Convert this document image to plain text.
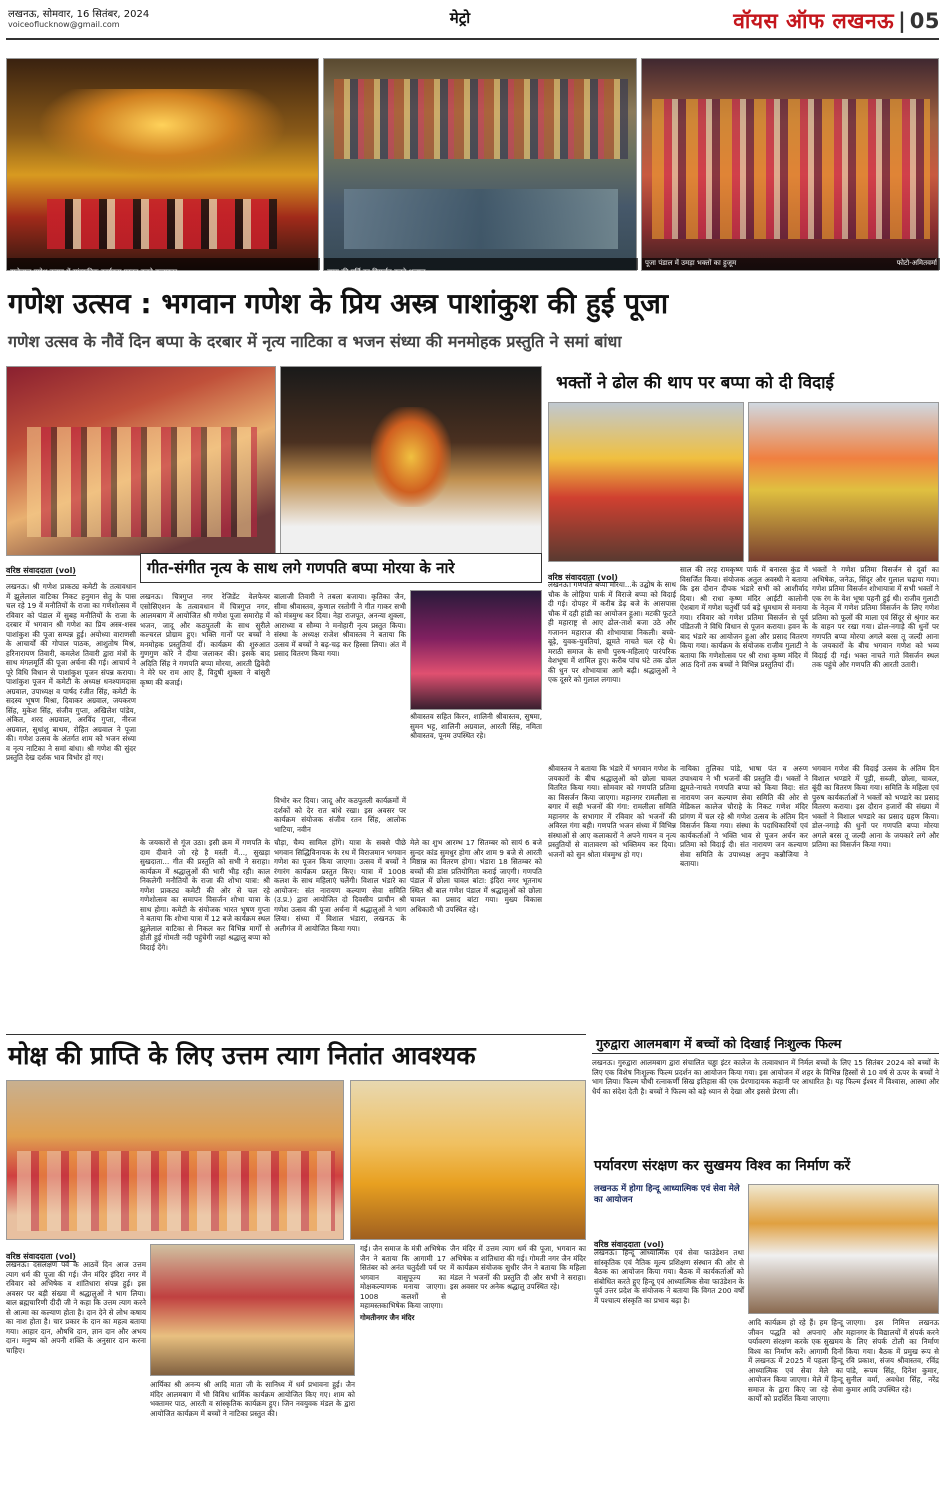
लखनऊ, सोमवार, 16 सितंबर, 2024
voiceoflucknow@gmail.com	मेट्रो	वॉयस ऑफ लखनऊ | 05
झूलेलाल गणेश उत्सव में सांस्कृतिक कार्यक्रम प्रस्तुत करते कलाकार	बप्पा की मूर्ति का विसर्जन करते श्रद्धालु
पूजा पंडाल में उमड़ा भक्तों का हुजूम	फोटो-अमितवर्मा
गणेश उत्सव : भगवान गणेश के प्रिय अस्त्र पाशांकुश की हुई पूजा
गणेश उत्सव के नौवें दिन बप्पा के दरबार में नृत्य नाटिका व भजन संध्या की मनमोहक प्रस्तुति ने समां बांधा
वरिष्ठ संवाददाता (vol)	गीत-संगीत नृत्य के साथ लगे गणपति बप्पा मोरया के नारे

लखनऊ। श्री गणेश प्राकट्य कमेटी के तत्वावधान में झूलेलाल वाटिका निकट हनुमान सेतु के पास चल रहे 19 वें मनौतियों के राजा का गणेशोत्सव में रविवार को पंडाल में सुबह मनौतियों के राजा के दरबार में भगवान श्री गणेश का प्रिय अस्त्र-शस्त्र पाशांकुश की पूजा सम्पन्न हुई। अयोध्या वाराणसी के आचार्यों की गोपाल पाठक, आशुतोष मिश्र, हरिनारायण तिवारी, कमलेश तिवारी द्वारा मंत्रों के साथ मंगलमूर्ति की पूजा अर्चना की गई। आचार्य ने पूरे विधि विधान से पाशांकुश पूजन संपन्न कराया। पाशांकुश पूजन में कमेटी के अध्यक्ष धनश्यामदास अग्रवाल, उपाध्यक्ष व पार्षद रंजीत सिंह, कमेटी के सदस्य भूषण मिश्रा, दिवाकर अग्रवाल, जयकरण सिंह, मुकेश सिंह, संजीव गुप्ता, अखिलेश पांडेय, अंकित, शरद अग्रवाल, अरविंद गुप्ता, नीरज अग्रवाल, सुधांशु बाथम, रोहित अग्रवाल ने पूजा की। गणेश उत्सव के अंतर्गत शाम को भजन संध्या व नृत्य नाटिका ने समां बांधा। श्री गणेश की सुंदर प्रस्तुति देख दर्शक भाव विभोर हो गए।

लखनऊ। चित्रगुप्त नगर रेजिडेंट वेलफेयर एसोसिएशन के तत्वावधान में चित्रगुप्त नगर, आलमबाग में आयोजित श्री गणेश पूजा समारोह में भजन, जादू और कठपुतली के साथ सुरीले कल्चरल प्रोग्राम हुए। भक्ति गानों पर बच्चों ने मनमोहक प्रस्तुतियां दीं। कार्यक्रम की शुरुआत गुणगुण कोरे ने दीया जलाकर की। इसके बाद अदिति सिंह ने गणपति बप्पा मोरया, आरती द्विवेदी ने मेरे घर राम आए हैं, विदुषी शुक्ला ने बांसुरी कृष्ण की बजाई।

बालाजी तिवारी ने तबला बजाया। कृतिका जैन, सीमा श्रीवास्तव, कुणाल रस्तोगी ने गीत गाकर सभी को मंत्रमुग्ध कर दिया। नेहा राजपूत, अनन्या शुक्ला, आराध्या व सौम्या ने मनोहारी नृत्य प्रस्तुत किया। संस्था के अध्यक्ष राजेश श्रीवास्तव ने बताया कि उत्सव में बच्चों ने बढ़-चढ़ कर हिस्सा लिया। अंत में प्रसाद वितरण किया गया।

विभोर कर दिया। जादू और कठपुतली कार्यक्रमों में दर्शकों को देर रात बांधे रखा। इस अवसर पर कार्यक्रम संयोजक संजीव रतन सिंह, आलोक भाटिया, नवीन

श्रीवास्तव सहित किरन, शालिनी श्रीवास्तव, सुषमा, सुमन भट्ट, शालिनी अग्रवाल, आरती सिंह, नमिता श्रीवास्तव, पूनम उपस्थित रहे।

के जयकारों से गूंज उठा। इसी क्रम में गणपति के दाम दीवाने जो रहे है मस्ती में..., सुखड़ा सुखदाता... गीत की प्रस्तुति को सभी ने सराहा। कार्यक्रम में श्रद्धालुओं की भारी भीड़ रही। काल निकलेगी मनौतियों के राजा की शोभा यात्रा: श्री गणेश प्राकट्य कमेटी की ओर से चल रहे गणेशोत्सव का समापन विसर्जन शोभा यात्रा के साथ होगा। कमेटी के संयोजक भारत भूषण गुप्ता ने बताया कि शोभा यात्रा में 12 बजे कार्यक्रम स्थल झूलेलाल वाटिका से निकल कर विभिन्न मार्गों से होती हुई गोमती नदी पहुंचेगी जहां श्रद्धालु बप्पा को विदाई देंगे।

चौड़ा, चैम्प सामिल होंगे। यात्रा के सबसे पीछे भगवान सिद्धिविनायक के रथ में विराजमान भगवान गणेश का पूजन किया जाएगा। उत्सव में बच्चों ने रंगारंग कार्यक्रम प्रस्तुत किए। यात्रा में 1008 कलश के साथ महिलाएं चलेंगी। विशाल भंडारे का आयोजन: संत नारायण कल्याण सेवा समिति (उ.प्र.) द्वारा आयोजित दो दिवसीय प्राचीन श्री गणेश उत्सव की पूजा अर्चना में श्रद्धालुओं ने भाग लिया। संध्या में विशाल भंडारा, लखनऊ के अलीगंज में आयोजित किया गया।

मेले का शुभ आरम्भ 17 सितम्बर को सायं 6 बजे सुन्दर कांड सुमधुर होगा और शाम 9 बजे से आरती मिष्ठान्न का वितरण होगा। भंडारा 18 सितम्बर को बच्चों की डांस प्रतियोगिता कराई जाएगी। गणपति पंडाल में छोला चावल बांटा: इंदिरा नगर भूतनाथ स्थित श्री बाल गणेश पंडाल में श्रद्धालुओं को छोला चावल का प्रसाद बांटा गया। मुख्य विकास अधिकारी भी उपस्थित रहे।

भक्तों ने ढोल की थाप पर बप्पा को दी विदाई
वरिष्ठ संवाददाता (vol)

लखनऊ। गणपति बप्पा मोरया...के उद्घोष के साथ चौक के लोहिया पार्क में विराजे बप्पा को विदाई दी गई। दोपहर में करीब डेढ़ बजे के आसपास चौक में दही हांडी का आयोजन हुआ। मटकी फूटते ही महाराष्ट्र से आए ढोल-ताशे बजा उठे और गजानन महाराज की शोभायात्रा निकली। बच्चे-बूढ़े, युवक-युवतियां, झूमते नाचते चल रहे थे। मराठी समाज के सभी पुरुष-महिलाएं पारंपरिक वेशभूषा में शामिल हुए। करीब पांच घंटे तक ढोल की धुन पर शोभायात्रा आगे बढ़ी। श्रद्धालुओं ने एक दूसरे को गुलाल लगाया।

साल की तरह रामकृष्ण पार्क में बनारस कुंड में विसर्जित किया। संयोजक अतुल अवस्थी ने बताया कि इस दौरान दीपक भंडारे सभी को आशीर्वाद दिया। श्री राधा कृष्ण मंदिर आईटी कालोनी ऐशबाग में गणेश चतुर्थी पर्व बड़े धूमधाम से मनाया गया। रविवार को गणेश प्रतिमा विसर्जन से पूर्व पंडितजी ने विधि विधान से पूजन कराया। हवन के बाद भंडारे का आयोजन हुआ और प्रसाद वितरण किया गया। कार्यक्रम के संयोजक राजीव गुलाटी ने बताया कि गणेशोत्सव पर श्री राधा कृष्ण मंदिर में आठ दिनों तक बच्चों ने विभिन्न प्रस्तुतियां दीं।

भक्तों ने गणेश प्रतिमा विसर्जन से दूर्वा का अभिषेक, जनेऊ, सिंदूर और गुलाल चढ़ाया गया। गणेश प्रतिमा विसर्जन शोभायात्रा में सभी भक्तों ने एक रंग के वेश भूषा पहनी हुई थी। राजीव गुलाटी के नेतृत्व में गणेश प्रतिमा विसर्जन के लिए गणेश प्रतिमा को फूलों की माला एवं सिंदूर से श्रृंगार कर के वाहन पर रखा गया। ढोल-नगाड़े की धुनों पर गणपति बप्पा मोरया अगले बरस तू जल्दी आना के जयकारों के बीच भगवान गणेश को भव्य विदाई दी गई। भक्त नाचते गाते विसर्जन स्थल तक पहुंचे और गणपति की आरती उतारी।

श्रीवास्तव ने बताया कि भंडारे में भगवान गणेश के जयकारों के बीच श्रद्धालुओं को छोला चावल वितरित किया गया। सोमवार को गणपति प्रतिमा का विसर्जन किया जाएगा। महानगर रामलीला स बगार में सही भजनों की गंगा: रामलीला समिति महानगर के सभागार में रविवार को भजनों की अविरल गंगा बही। गणपति भजन संध्या में विभिन्न संस्थाओं से आए कलाकारों ने अपने गायन व नृत्य प्रस्तुतियों से वातावरण को भक्तिमय कर दिया। भजनों को सुन श्रोता मंत्रमुग्ध हो गए।

नायिका तुलिका पांडे, भाषा पंत व अरुण उपाध्याय ने भी भजनों की प्रस्तुति दी। भक्तों ने झूमते-नाचते गणपति बप्पा को किया विदा: संत नारायण जन कल्याण सेवा समिति की ओर से मेडिकल कालेज चौराहे के निकट गणेश मंदिर प्रांगण में चल रहे श्री गणेश उत्सव के अंतिम दिन विसर्जन किया गया। संस्था के पदाधिकारियों एवं कार्यकर्ताओं ने भक्ति भाव से पूजन अर्चन कर प्रतिमा को विदाई दी। संत नारायण जन कल्याण सेवा समिति के उपाध्यक्ष अनुप कन्नौजिया ने बताया।

भगवान गणेश की विदाई उत्सव के अंतिम दिन विशाल भण्डारे में पूड़ी, सब्जी, छोला, चावल, बूंदी का वितरण किया गया। समिति के महिला एवं पुरुष कार्यकर्ताओं ने भक्तों को भण्डारे का प्रसाद वितरण कराया। इस दौरान हजारों की संख्या में भक्तों ने विशाल भण्डारे का प्रसाद ग्रहण किया। डोल-नगाड़े की धुनों पर गणपति बप्पा मोरया अगले बरस तू जल्दी आना के जयकारे लगे और प्रतिमा का विसर्जन किया गया।

मोक्ष की प्राप्ति के लिए उत्तम त्याग नितांत आवश्यक
वरिष्ठ संवाददाता (vol)

लखनऊ। दसलक्षण पर्व के आठवें दिन आज उत्तम त्याग धर्म की पूजा की गई। जैन मंदिर इंदिरा नगर में रविवार को अभिषेक व शांतिधारा संपन्न हुई। इस अवसर पर बड़ी संख्या में श्रद्धालुओं ने भाग लिया। बाल ब्रह्मचारिणी दीदी जी ने कहा कि उत्तम त्याग करने से आत्मा का कल्याण होता है। दान देने से लोभ कषाय का नाश होता है। चार प्रकार के दान का महत्व बताया गया। आहार दान, औषधि दान, ज्ञान दान और अभय दान। मनुष्य को अपनी शक्ति के अनुसार दान करना चाहिए।

आर्यिका श्री अनन्य श्री आदि माता जी के सानिध्य में धर्म प्रभावना हुई। जैन मंदिर आलमबाग में भी विविध धार्मिक कार्यक्रम आयोजित किए गए। शाम को भक्तामर पाठ, आरती व सांस्कृतिक कार्यक्रम हुए। जिन नवयुवक मंडल के द्वारा आयोजित कार्यक्रम में बच्चों ने नाटिका प्रस्तुत की।

गई। जैन समाज के मंत्री अभिषेक जैन ने बताया कि आगामी 17 सितंबर को अनंत चतुर्दशी पर्व पर भगवान वासुपूज्य का मोक्षकल्याणक मनाया जाएगा। 1008 कलशों से महामस्तकाभिषेक किया जाएगा।

गोमतीनगर जैन मंदिर

जैन मंदिर में उत्तम त्याग धर्म की पूजा, भगवान का अभिषेक व शांतिधारा की गई। गोमती नगर जैन मंदिर में कार्यक्रम संयोजक सुधीर जैन ने बताया कि महिला मंडल ने भजनों की प्रस्तुति दी और सभी ने सराहा। इस अवसर पर अनेक श्रद्धालु उपस्थित रहे।

गुरुद्वारा आलमबाग में बच्चों को दिखाई निःशुल्क फिल्म

लखनऊ। गुरुद्वारा आलमबाग द्वारा संचालित चड्ढा इंटर कालेज के तत्वावधान में निर्मल बच्चों के लिए 15 सितंबर 2024 को बच्चों के लिए एक विशेष निःशुल्क फिल्म प्रदर्शन का आयोजन किया गया। इस आयोजन में शहर के विभिन्न हिस्सों से 10 वर्ष से ऊपर के बच्चों ने भाग लिया। फिल्म चौथी रत्नाकर्णी सिख इतिहास की एक प्रेरणादायक कहानी पर आधारित है। यह फिल्म ईश्वर में विश्वास, आस्था और धैर्य का संदेश देती है। बच्चों ने फिल्म को बड़े ध्यान से देखा और इससे प्रेरणा ली।

पर्यावरण संरक्षण कर सुखमय विश्व का निर्माण करें
लखनऊ में होगा हिन्दू आध्यात्मिक एवं सेवा मेले का आयोजन
वरिष्ठ संवाददाता (vol)

लखनऊ। हिन्दू आध्यात्मिक एवं सेवा फाउंडेशन तथा सांस्कृतिक एवं नैतिक मूल्य प्रशिक्षण संस्थान की ओर से बैठक का आयोजन किया गया। बैठक में कार्यकर्ताओं को संबोधित करते हुए हिन्दू एवं आध्यात्मिक सेवा फाउंडेशन के पूर्व उत्तर प्रदेश के संयोजक ने बताया कि विगत 200 वर्षों में पश्चात्य संस्कृति का प्रभाव बढ़ा है।

आदि कार्यक्रम हो रहे हैं। हम हिन्दू जीवन पद्धति को अपनाएं और पर्यावरण संरक्षण करके एक सुखमय विश्व का निर्माण करें। आगामी दिनों में लखनऊ में 2025 में पहला हिन्दू आध्यात्मिक एवं सेवा मेले का आयोजन किया जाएगा। मेले में हिन्दू समाज के द्वारा किए जा रहे सेवा कार्यों को प्रदर्शित किया जाएगा।

जाएगा। इस निमित्त लखनऊ महानगर के विद्यालयों में संपर्क करने के लिए संपर्क टोली का निर्माण किया गया। बैठक में प्रमुख रूप से रवि प्रकाश, संजय श्रीवास्तव, रविंद्र पांडे, रूपम सिंह, दिनेश कुमार, सुनील वर्मा, अवधेश सिंह, नरेंद्र कुमार आदि उपस्थित रहे।
